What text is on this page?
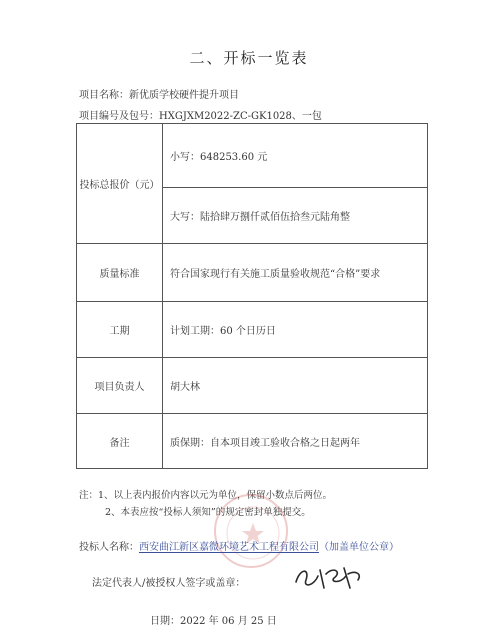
二、开标一览表
项目名称：新优质学校硬件提升项目
项目编号及包号：HXGJXM2022-ZC-GK1028、一包
投标总报价（元）	小写：648253.60 元
	大写：陆拾肆万捌仟贰佰伍拾叁元陆角整
质量标准	符合国家现行有关施工质量验收规范“合格”要求
工期	计划工期：60 个日历日
项目负责人	胡大林
备注	质保期：自本项目竣工验收合格之日起两年
注：1、以上表内报价内容以元为单位，保留小数点后两位。
2、本表应按“投标人须知”的规定密封单独提交。
投标人名称：西安曲江新区嘉微环境艺术工程有限公司（加盖单位公章）
法定代表人/被授权人签字或盖章：
日期：2022 年 06 月 25 日
